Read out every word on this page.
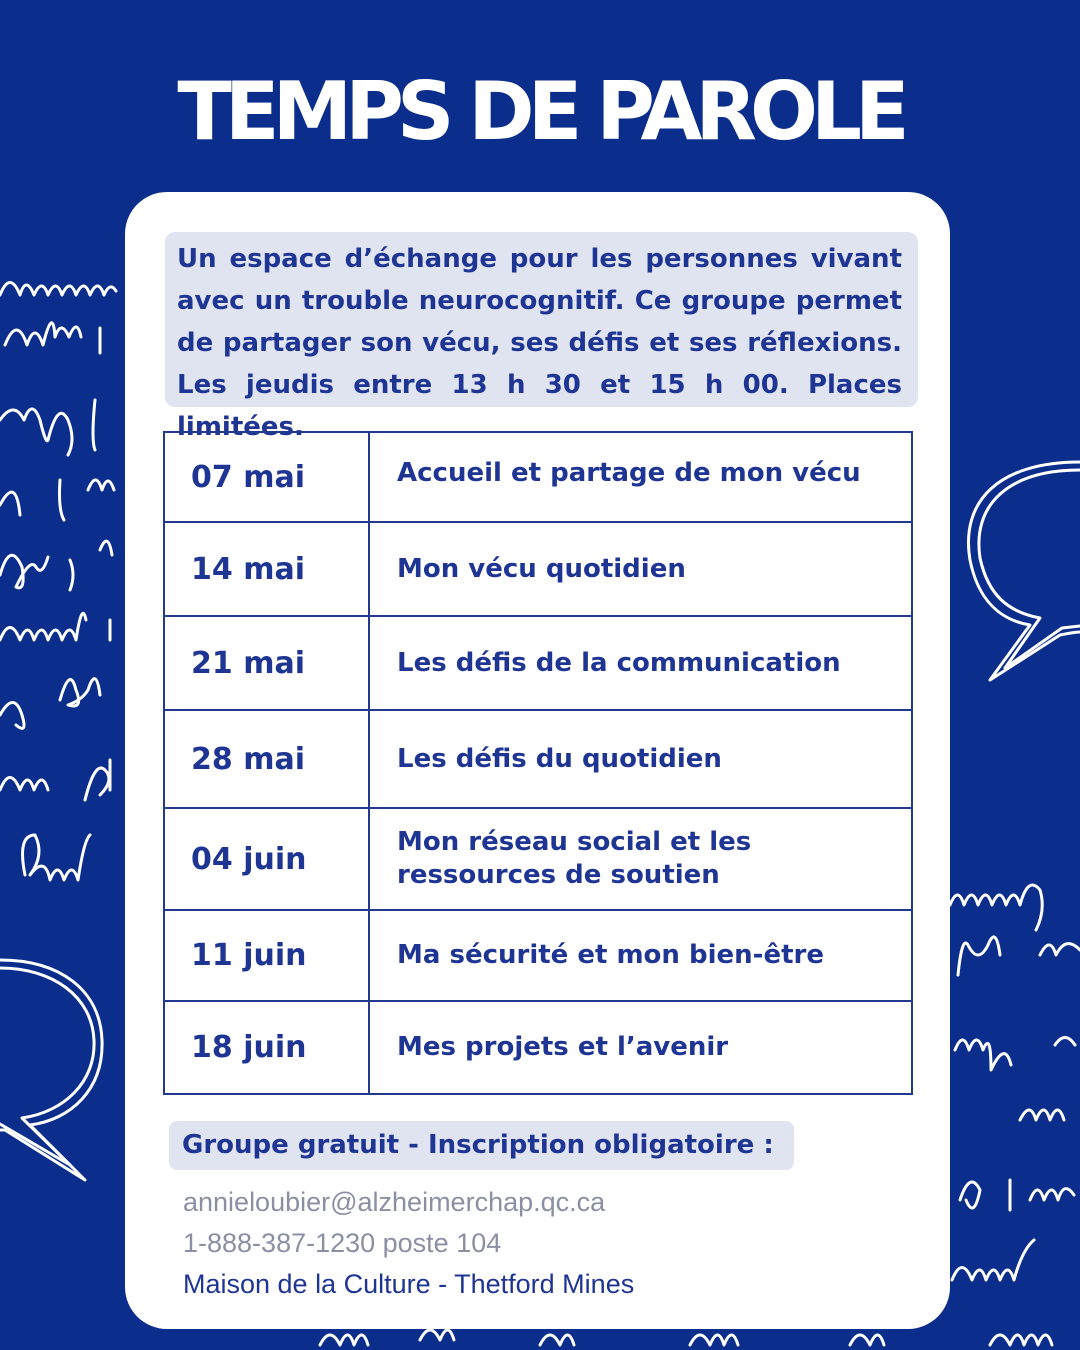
TEMPS DE PAROLE

Un espace d’échange pour les personnes vivant

avec un trouble neurocognitif. Ce groupe permet

de partager son vécu, ses défis et ses réflexions.

Les jeudis entre 13 h 30 et 15 h 00. Places limitées.

07 mai	Accueil et partage de mon vécu
14 mai	Mon vécu quotidien
21 mai	Les défis de la communication
28 mai	Les défis du quotidien
04 juin	Mon réseau social et les ressources de soutien
11 juin	Ma sécurité et mon bien-être
18 juin	Mes projets et l’avenir
Groupe gratuit - Inscription obligatoire :
annieloubier@alzheimerchap.qc.ca
1-888-387-1230 poste 104
Maison de la Culture - Thetford Mines
